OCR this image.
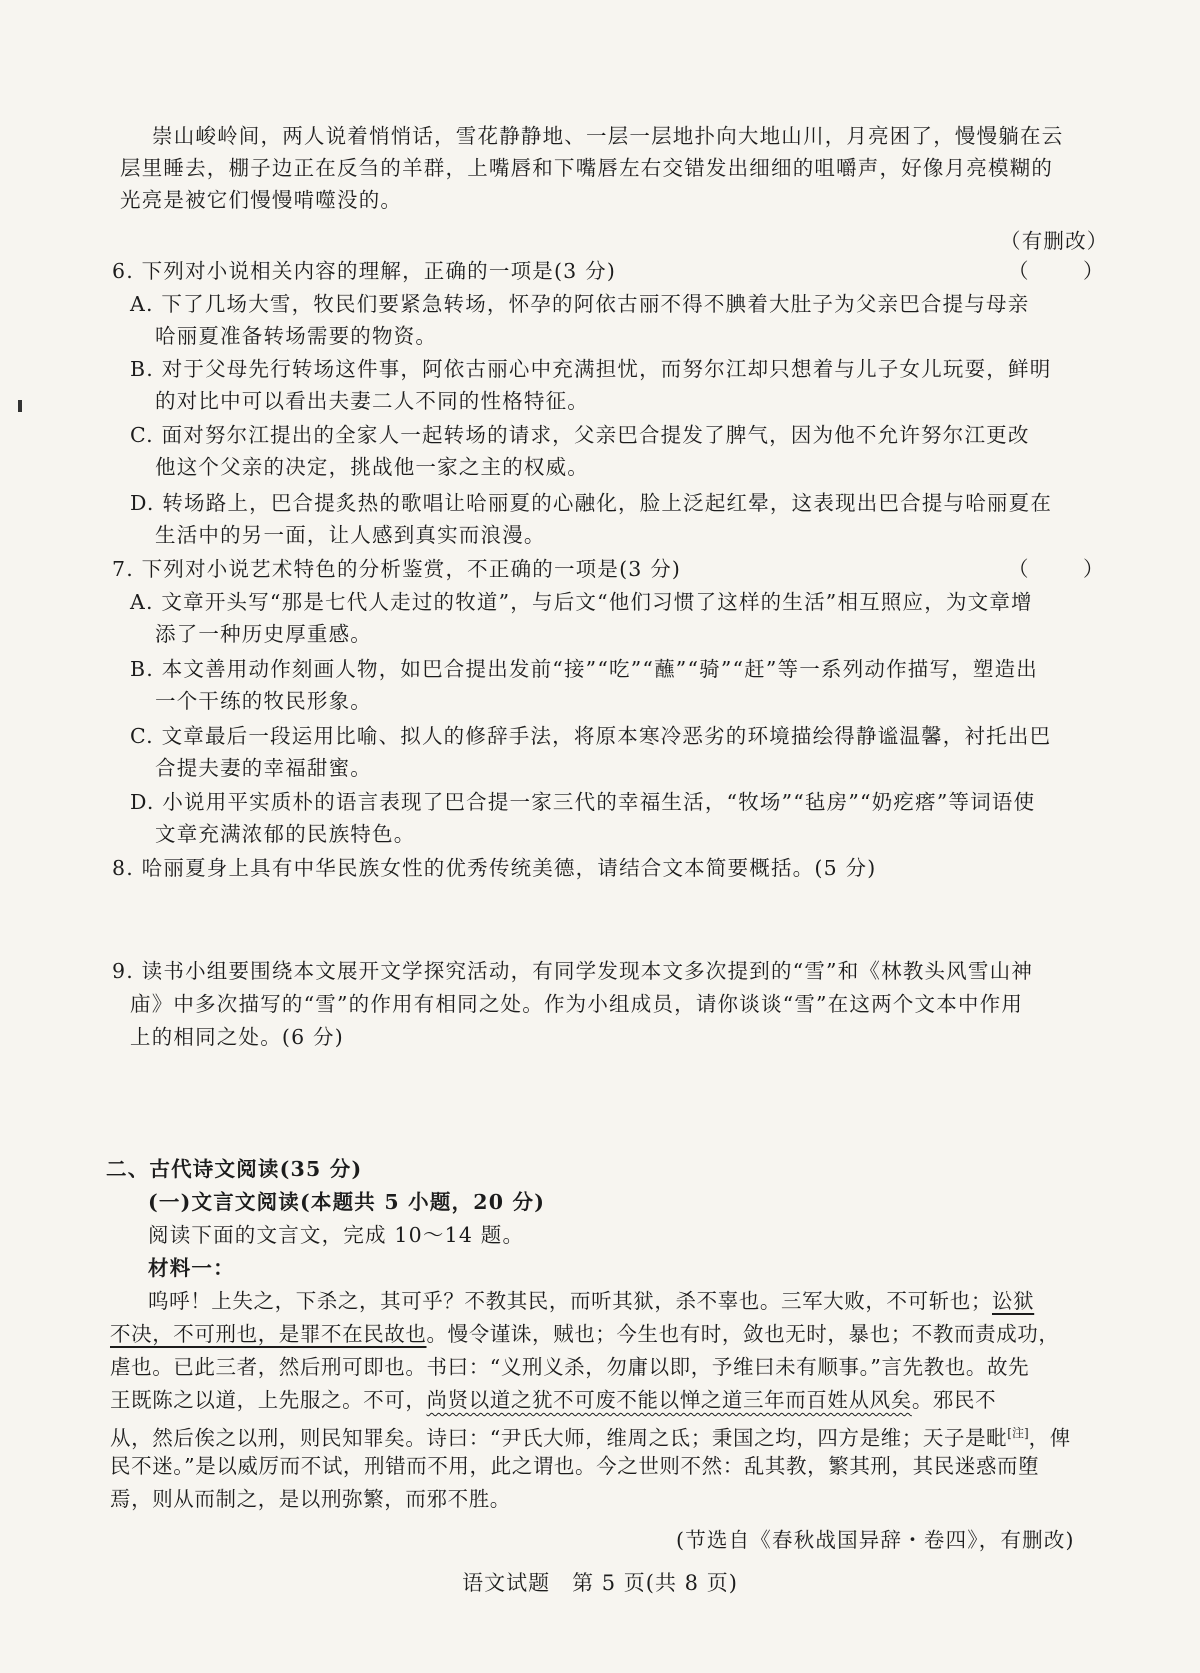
崇山峻岭间，两人说着悄悄话，雪花静静地、一层一层地扑向大地山川，月亮困了，慢慢躺在云
层里睡去，棚子边正在反刍的羊群，上嘴唇和下嘴唇左右交错发出细细的咀嚼声，好像月亮模糊的
光亮是被它们慢慢啃噬没的。
（有删改）
6. 下列对小说相关内容的理解，正确的一项是(3 分)	（ ）
A. 下了几场大雪，牧民们要紧急转场，怀孕的阿依古丽不得不腆着大肚子为父亲巴合提与母亲
哈丽夏准备转场需要的物资。
B. 对于父母先行转场这件事，阿依古丽心中充满担忧，而努尔江却只想着与儿子女儿玩耍，鲜明
的对比中可以看出夫妻二人不同的性格特征。
C. 面对努尔江提出的全家人一起转场的请求，父亲巴合提发了脾气，因为他不允许努尔江更改
他这个父亲的决定，挑战他一家之主的权威。
D. 转场路上，巴合提炙热的歌唱让哈丽夏的心融化，脸上泛起红晕，这表现出巴合提与哈丽夏在
生活中的另一面，让人感到真实而浪漫。
7. 下列对小说艺术特色的分析鉴赏，不正确的一项是(3 分)	（ ）
A. 文章开头写“那是七代人走过的牧道”，与后文“他们习惯了这样的生活”相互照应，为文章增
添了一种历史厚重感。
B. 本文善用动作刻画人物，如巴合提出发前“接”“吃”“蘸”“骑”“赶”等一系列动作描写，塑造出
一个干练的牧民形象。
C. 文章最后一段运用比喻、拟人的修辞手法，将原本寒冷恶劣的环境描绘得静谧温馨，衬托出巴
合提夫妻的幸福甜蜜。
D. 小说用平实质朴的语言表现了巴合提一家三代的幸福生活，“牧场”“毡房”“奶疙瘩”等词语使
文章充满浓郁的民族特色。
8. 哈丽夏身上具有中华民族女性的优秀传统美德，请结合文本简要概括。(5 分)
9. 读书小组要围绕本文展开文学探究活动，有同学发现本文多次提到的“雪”和《林教头风雪山神
庙》中多次描写的“雪”的作用有相同之处。作为小组成员，请你谈谈“雪”在这两个文本中作用
上的相同之处。(6 分)
二、古代诗文阅读(35 分)
(一)文言文阅读(本题共 5 小题，20 分)
阅读下面的文言文，完成 10～14 题。
材料一：
呜呼！上失之，下杀之，其可乎？不教其民，而听其狱，杀不辜也。三军大败，不可斩也；讼狱
不决，不可刑也，是罪不在民故也。慢令谨诛，贼也；今生也有时，敛也无时，暴也；不教而责成功，
虐也。已此三者，然后刑可即也。书曰：“义刑义杀，勿庸以即，予维曰未有顺事。”言先教也。故先
王既陈之以道，上先服之。不可，尚贤以道之犹不可废不能以惮之道三年而百姓从风矣。邪民不
从，然后俟之以刑，则民知罪矣。诗曰：“尹氏大师，维周之氐；秉国之均，四方是维；天子是毗[注]，俾
民不迷。”是以威厉而不试，刑错而不用，此之谓也。今之世则不然：乱其教，繁其刑，其民迷惑而堕
焉，则从而制之，是以刑弥繁，而邪不胜。
(节选自《春秋战国异辞・卷四》，有删改)
语文试题　第 5 页(共 8 页)
